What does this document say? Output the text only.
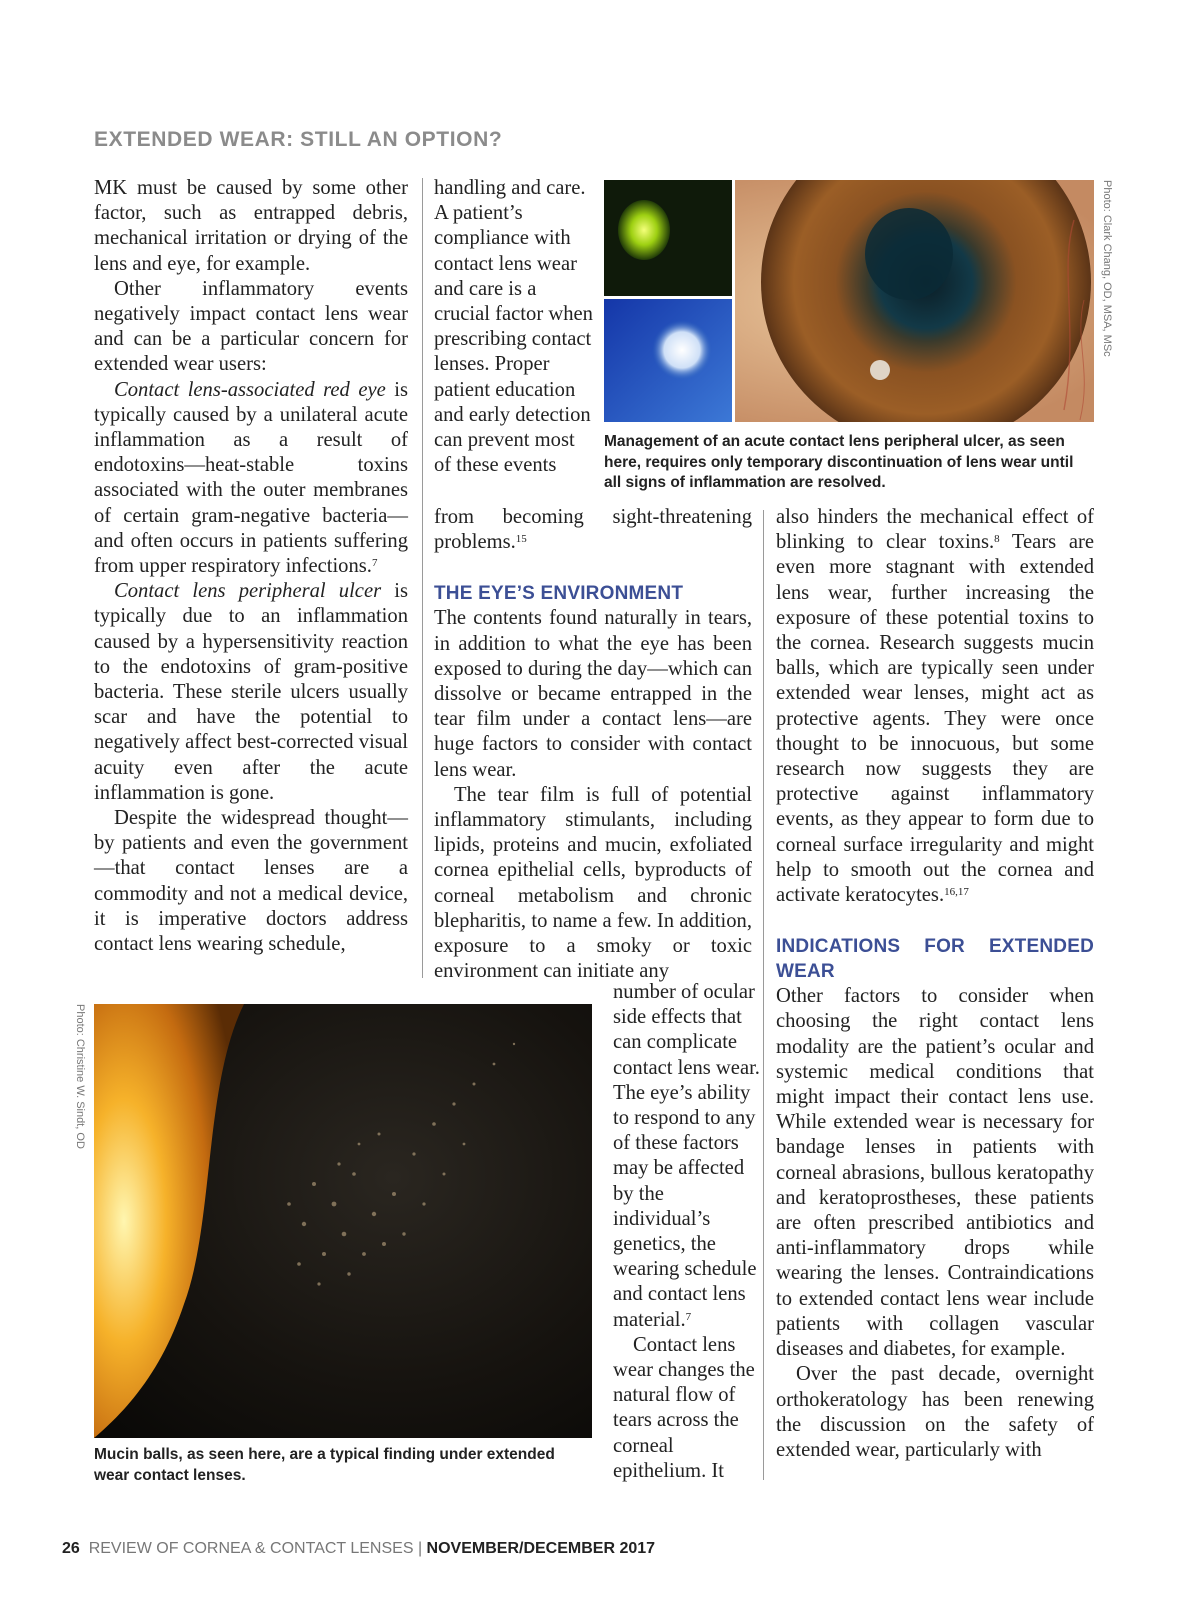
EXTENDED WEAR: STILL AN OPTION?

MK must be caused by some other factor, such as entrapped debris, mechanical irritation or drying of the lens and eye, for example.

Other inflammatory events negatively impact contact lens wear and can be a particular concern for extended wear users:

Contact lens-associated red eye is typically caused by a unilateral acute inflammation as a result of endotoxins—heat-stable toxins associated with the outer membranes of certain gram-negative bacteria—and often occurs in patients suffering from upper respiratory infections.$^7$

Contact lens peripheral ulcer is typically due to an inflammation caused by a hypersensitivity reaction to the endotoxins of gram-positive bacteria. These sterile ulcers usually scar and have the potential to negatively affect best-corrected visual acuity even after the acute inflammation is gone.

Despite the widespread thought—by patients and even the government—that contact lenses are a commodity and not a medical device, it is imperative doctors address contact lens wearing schedule,

handling and care. A patient’s compliance with contact lens wear and care is a crucial factor when prescribing contact lenses. Proper patient education and early detection can prevent most of these events

from becoming sight-threatening problems.$^{15}$

THE EYE’S ENVIRONMENT

The contents found naturally in tears, in addition to what the eye has been exposed to during the day—which can dissolve or became entrapped in the tear film under a contact lens—are huge factors to consider with contact lens wear.

The tear film is full of potential inflammatory stimulants, including lipids, proteins and mucin, exfoliated cornea epithelial cells, byproducts of corneal metabolism and chronic blepharitis, to name a few. In addition, exposure to a smoky or toxic environment can initiate any

number of ocular side effects that can complicate contact lens wear. The eye’s ability to respond to any of these factors may be affected by the individual’s genetics, the wearing schedule and contact lens material.$^7$

Contact lens wear changes the natural flow of tears across the corneal epithelium. It

also hinders the mechanical effect of blinking to clear toxins.$^8$ Tears are even more stagnant with extended lens wear, further increasing the exposure of these potential toxins to the cornea. Research suggests mucin balls, which are typically seen under extended wear lenses, might act as protective agents. They were once thought to be innocuous, but some research now suggests they are protective against inflammatory events, as they appear to form due to corneal surface irregularity and might help to smooth out the cornea and activate keratocytes.$^{16,17}$

INDICATIONS FOR EXTENDED WEAR

Other factors to consider when choosing the right contact lens modality are the patient’s ocular and systemic medical conditions that might impact their contact lens use. While extended wear is necessary for bandage lenses in patients with corneal abrasions, bullous keratopathy and keratoprostheses, these patients are often prescribed antibiotics and anti-inflammatory drops while wearing the lenses. Contraindications to extended contact lens wear include patients with collagen vascular diseases and diabetes, for example.

Over the past decade, overnight orthokeratology has been renewing the discussion on the safety of extended wear, particularly with

Photo: Clark Chang, OD, MSA, MSc
Management of an acute contact lens peripheral ulcer, as seen here, requires only temporary discontinuation of lens wear until all signs of inflammation are resolved.
Photo: Christine W. Sindt, OD
Mucin balls, as seen here, are a typical finding under extended wear contact lenses.
26 REVIEW OF CORNEA & CONTACT LENSES | NOVEMBER/DECEMBER 2017
